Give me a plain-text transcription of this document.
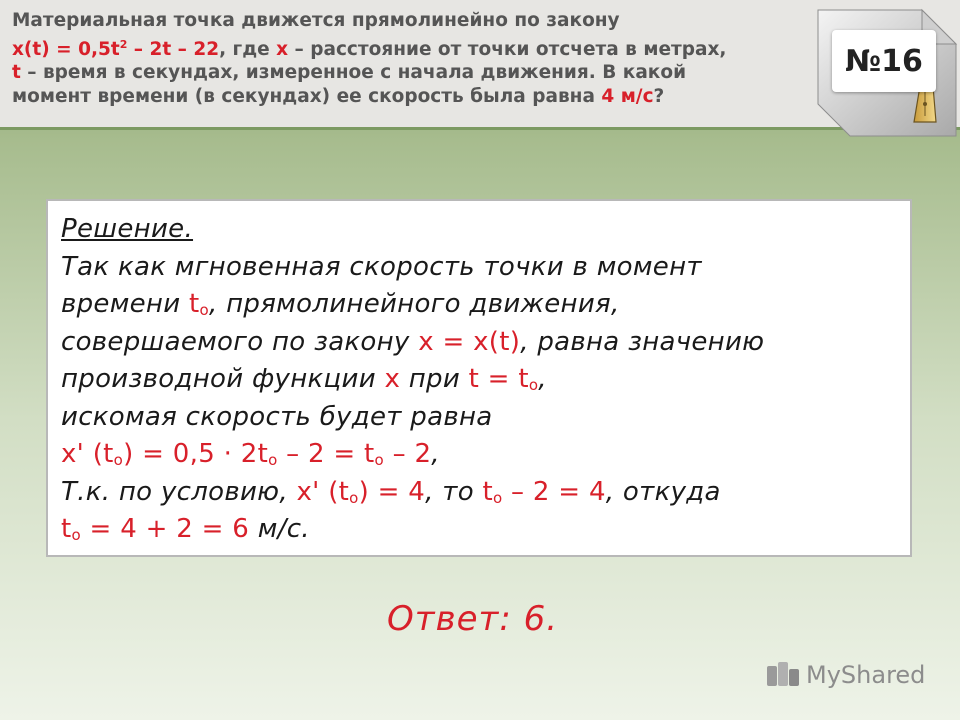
Материальная точка движется прямолинейно по закону
$x(t) = 0,5t^2 - 2t - 22$, где x – расстояние от точки отсчета в метрах,
t – время в секундах, измеренное с начала движения. В какой
момент времени (в секундах) ее скорость была равна 4 м/с?
№16
Решение.
Так как мгновенная скорость точки в момент
времени $t_o$, прямолинейного движения,
совершаемого по закону x = x(t), равна значению
производной функции x при $t = t_o$,
искомая скорость будет равна
x' $(t_o) = 0,5 \cdot 2t_o - 2 = t_o - 2$,
Т.к. по условию, x' $(t_o) = 4$, то $t_o - 2 = 4$, откуда
$t_o = 4 + 2 = 6$ м/с.
Ответ: 6.
MyShared
